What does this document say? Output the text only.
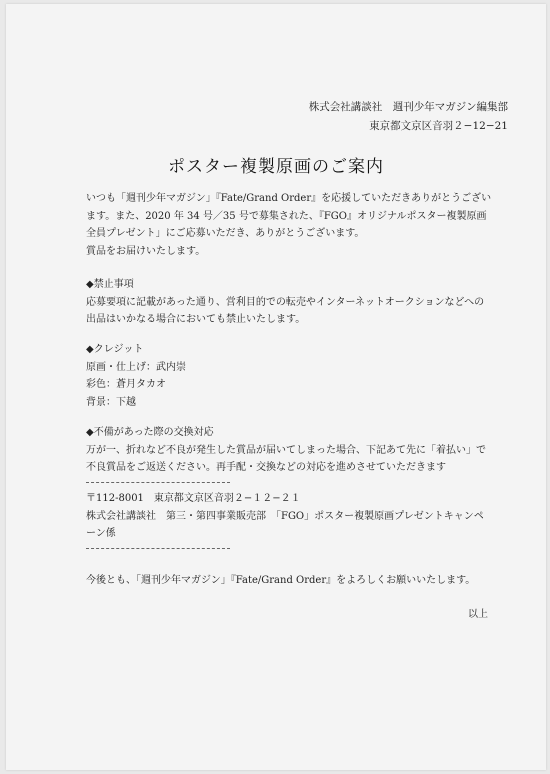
株式会社講談社　週刊少年マガジン編集部
東京都文京区音羽２−12−21
ポスター複製原画のご案内

いつも「週刊少年マガジン」『Fate/Grand Order』を応援していただきありがとうござい

ます。また、2020 年 34 号／35 号で募集された、『FGO』オリジナルポスター複製原画

全員プレゼント」にご応募いただき、ありがとうございます。

賞品をお届けいたします。

◆禁止事項

応募要項に記載があった通り、営利目的での転売やインターネットオークションなどへの

出品はいかなる場合においても禁止いたします。

◆クレジット

原画・仕上げ：武内崇

彩色：蒼月タカオ

背景：下越

◆不備があった際の交換対応

万が一、折れなど不良が発生した賞品が届いてしまった場合、下記あて先に「着払い」で

不良賞品をご返送ください。再手配・交換などの対応を進めさせていただきます

〒112-8001　東京都文京区音羽２−１２−２１

株式会社講談社　第三・第四事業販売部　「FGO」ポスター複製原画プレゼントキャンペ

ーン係

今後とも、「週刊少年マガジン」『Fate/Grand Order』をよろしくお願いいたします。

以上
